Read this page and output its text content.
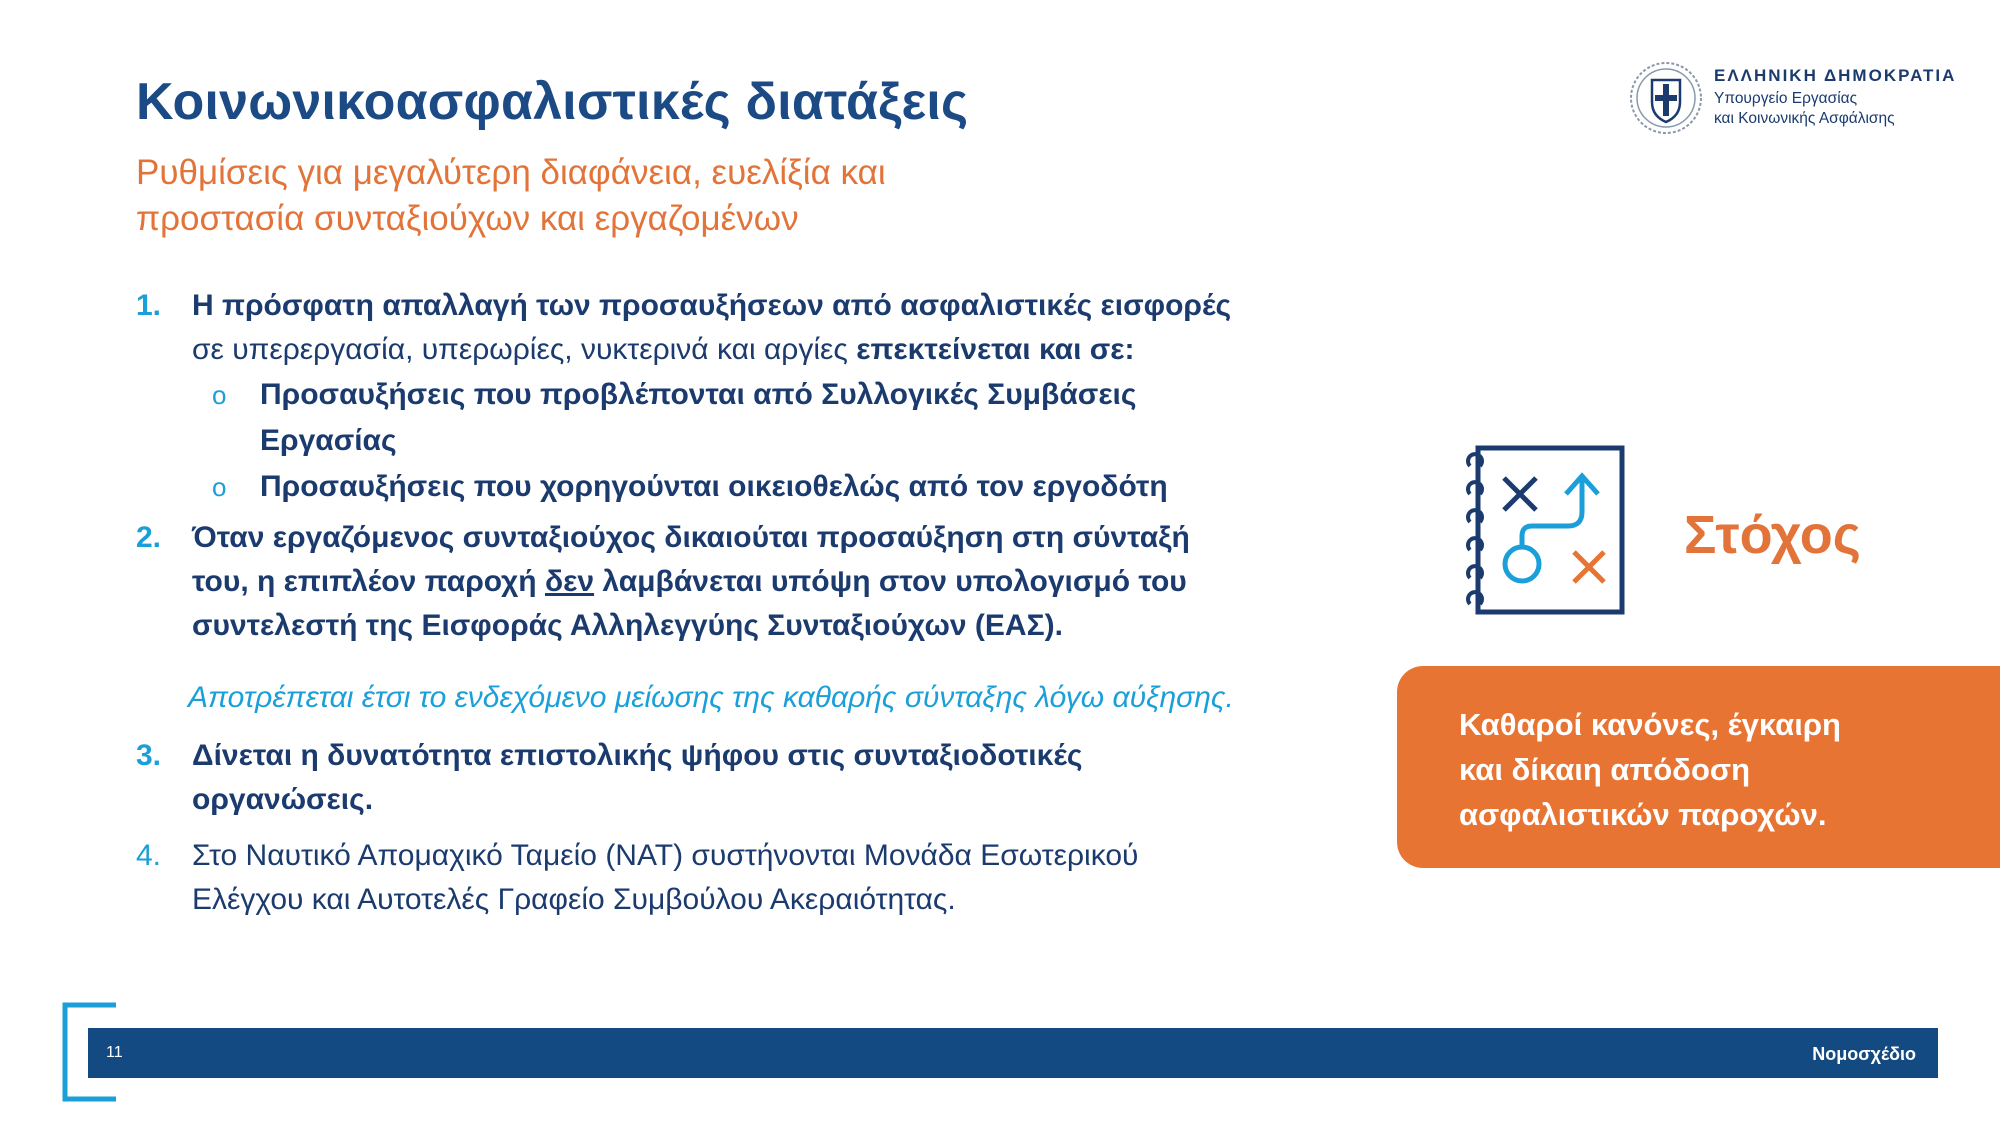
Κοινωνικοασφαλιστικές διατάξεις
Ρυθμίσεις για μεγαλύτερη διαφάνεια, ευελίξία και
προστασία συνταξιούχων και εργαζομένων
ΕΛΛΗΝΙΚΗ ΔΗΜΟΚΡΑΤΙΑ
Υπουργείο Εργασίας
και Κοινωνικής Ασφάλισης
1. Η πρόσφατη απαλλαγή των προσαυξήσεων από ασφαλιστικές εισφορές
σε υπερεργασία, υπερωρίες, νυκτερινά και αργίες επεκτείνεται και σε:
o Προσαυξήσεις που προβλέπονται από Συλλογικές Συμβάσεις
Εργασίας
o Προσαυξήσεις που χορηγούνται οικειοθελώς από τον εργοδότη
2. Όταν εργαζόμενος συνταξιούχος δικαιούται προσαύξηση στη σύνταξή
του, η επιπλέον παροχή δεν λαμβάνεται υπόψη στον υπολογισμό του
συντελεστή της Εισφοράς Αλληλεγγύης Συνταξιούχων (ΕΑΣ).
Αποτρέπεται έτσι το ενδεχόμενο μείωσης της καθαρής σύνταξης λόγω αύξησης.
3. Δίνεται η δυνατότητα επιστολικής ψήφου στις συνταξιοδοτικές
οργανώσεις.
4. Στο Ναυτικό Απομαχικό Ταμείο (ΝΑΤ) συστήνονται Μονάδα Εσωτερικού
Ελέγχου και Αυτοτελές Γραφείο Συμβούλου Ακεραιότητας.
Στόχος
Καθαροί κανόνες, έγκαιρη
και δίκαιη απόδοση
ασφαλιστικών παροχών.
11	Νομοσχέδιο
